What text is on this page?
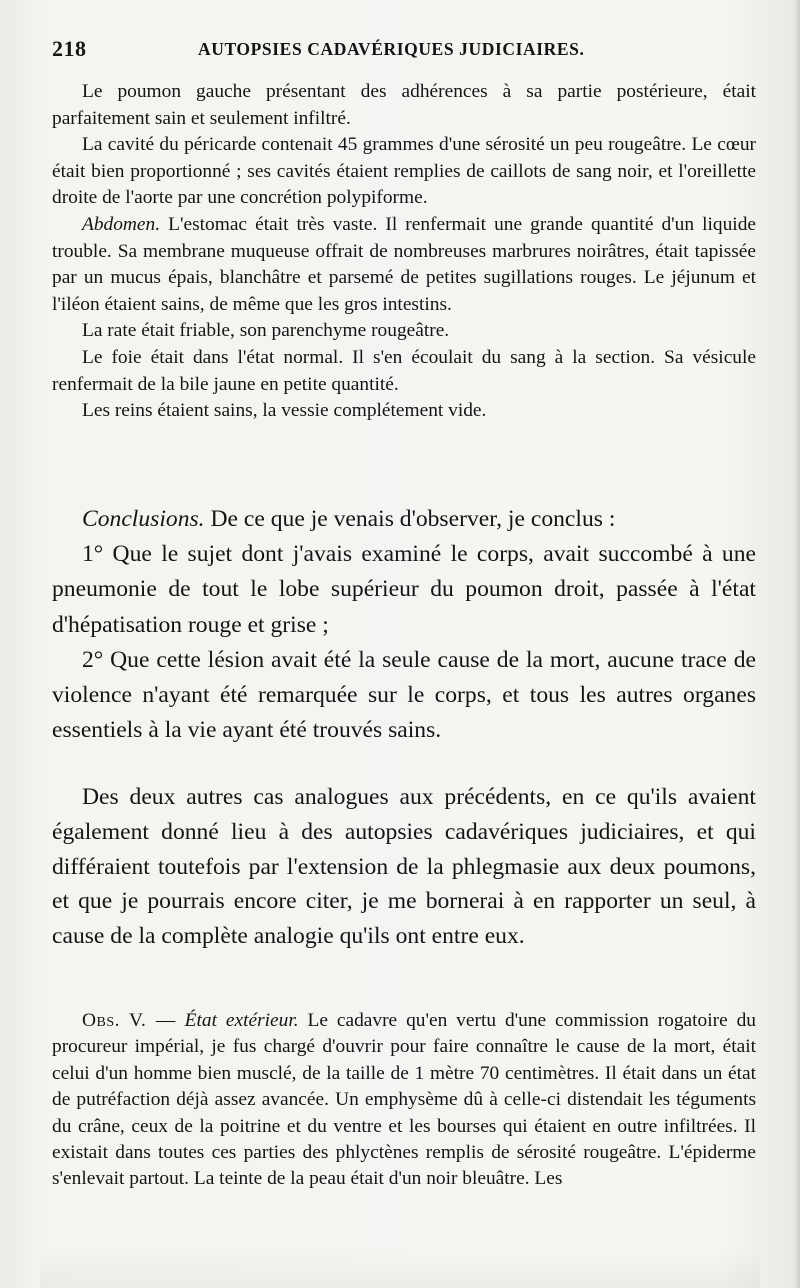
218	AUTOPSIES CADAVÉRIQUES JUDICIAIRES.

Le poumon gauche présentant des adhérences à sa partie postérieure, était parfaitement sain et seulement infiltré.

La cavité du péricarde contenait 45 grammes d'une sérosité un peu rougeâtre. Le cœur était bien proportionné ; ses cavités étaient remplies de caillots de sang noir, et l'oreillette droite de l'aorte par une concrétion polypiforme.

Abdomen. L'estomac était très vaste. Il renfermait une grande quantité d'un liquide trouble. Sa membrane muqueuse offrait de nombreuses marbrures noirâtres, était tapissée par un mucus épais, blanchâtre et parsemé de petites sugillations rouges. Le jéjunum et l'iléon étaient sains, de même que les gros intestins.

La rate était friable, son parenchyme rougeâtre.

Le foie était dans l'état normal. Il s'en écoulait du sang à la section. Sa vésicule renfermait de la bile jaune en petite quantité.

Les reins étaient sains, la vessie complétement vide.

Conclusions. De ce que je venais d'observer, je conclus :

1° Que le sujet dont j'avais examiné le corps, avait succombé à une pneumonie de tout le lobe supérieur du poumon droit, passée à l'état d'hépatisation rouge et grise ;

2° Que cette lésion avait été la seule cause de la mort, aucune trace de violence n'ayant été remarquée sur le corps, et tous les autres organes essentiels à la vie ayant été trouvés sains.

Des deux autres cas analogues aux précédents, en ce qu'ils avaient également donné lieu à des autopsies cadavériques judiciaires, et qui différaient toutefois par l'extension de la phlegmasie aux deux poumons, et que je pourrais encore citer, je me bornerai à en rapporter un seul, à cause de la complète analogie qu'ils ont entre eux.

Obs. V. — État extérieur. Le cadavre qu'en vertu d'une commission rogatoire du procureur impérial, je fus chargé d'ouvrir pour faire connaître le cause de la mort, était celui d'un homme bien musclé, de la taille de 1 mètre 70 centimètres. Il était dans un état de putréfaction déjà assez avancée. Un emphysème dû à celle-ci distendait les téguments du crâne, ceux de la poitrine et du ventre et les bourses qui étaient en outre infiltrées. Il existait dans toutes ces parties des phlyctènes remplis de sérosité rougeâtre. L'épiderme s'enlevait partout. La teinte de la peau était d'un noir bleuâtre. Les
